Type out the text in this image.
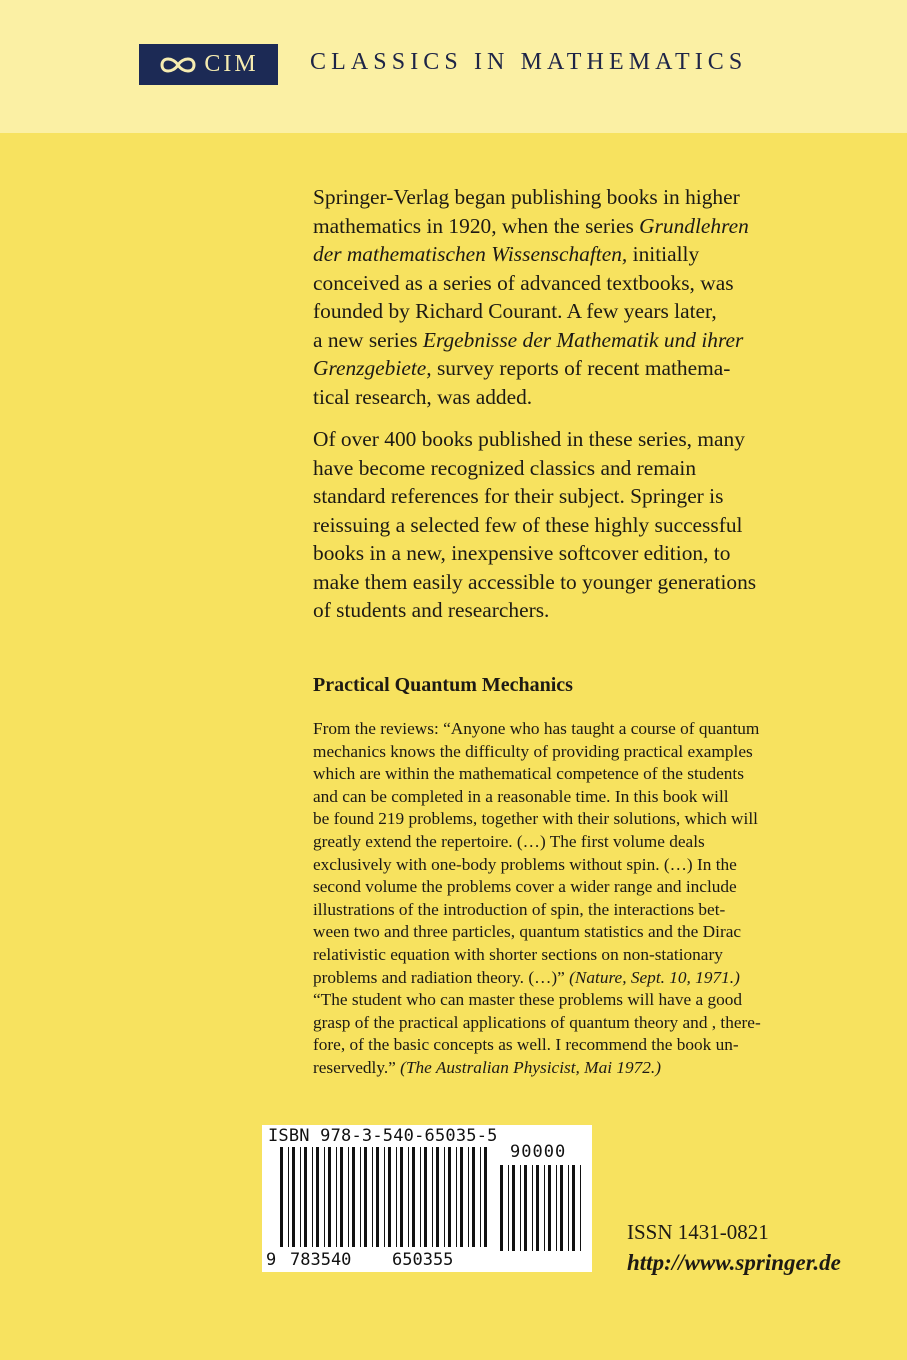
CIM CLASSICS IN MATHEMATICS

Springer-Verlag began publishing books in higher
mathematics in 1920, when the series Grundlehren
der mathematischen Wissenschaften, initially
conceived as a series of advanced textbooks, was
founded by Richard Courant. A few years later,
a new series Ergebnisse der Mathematik und ihrer
Grenzgebiete, survey reports of recent mathema-
tical research, was added.

Of over 400 books published in these series, many
have become recognized classics and remain
standard references for their subject. Springer is
reissuing a selected few of these highly successful
books in a new, inexpensive softcover edition, to
make them easily accessible to younger generations
of students and researchers.

Practical Quantum Mechanics
From the reviews: “Anyone who has taught a course of quantum
mechanics knows the difficulty of providing practical examples
which are within the mathematical competence of the students
and can be completed in a reasonable time. In this book will
be found 219 problems, together with their solutions, which will
greatly extend the repertoire. (…) The first volume deals
exclusively with one-body problems without spin. (…) In the
second volume the problems cover a wider range and include
illustrations of the introduction of spin, the interactions bet-
ween two and three particles, quantum statistics and the Dirac
relativistic equation with shorter sections on non-stationary
problems and radiation theory. (…)” (Nature, Sept. 10, 1971.)
“The student who can master these problems will have a good
grasp of the practical applications of quantum theory and , there-
fore, of the basic concepts as well. I recommend the book un-
reservedly.” (The Australian Physicist, Mai 1972.)
ISBN 978-3-540-65035-5
90000
9 783540 650355
ISSN 1431-0821
http://www.springer.de
